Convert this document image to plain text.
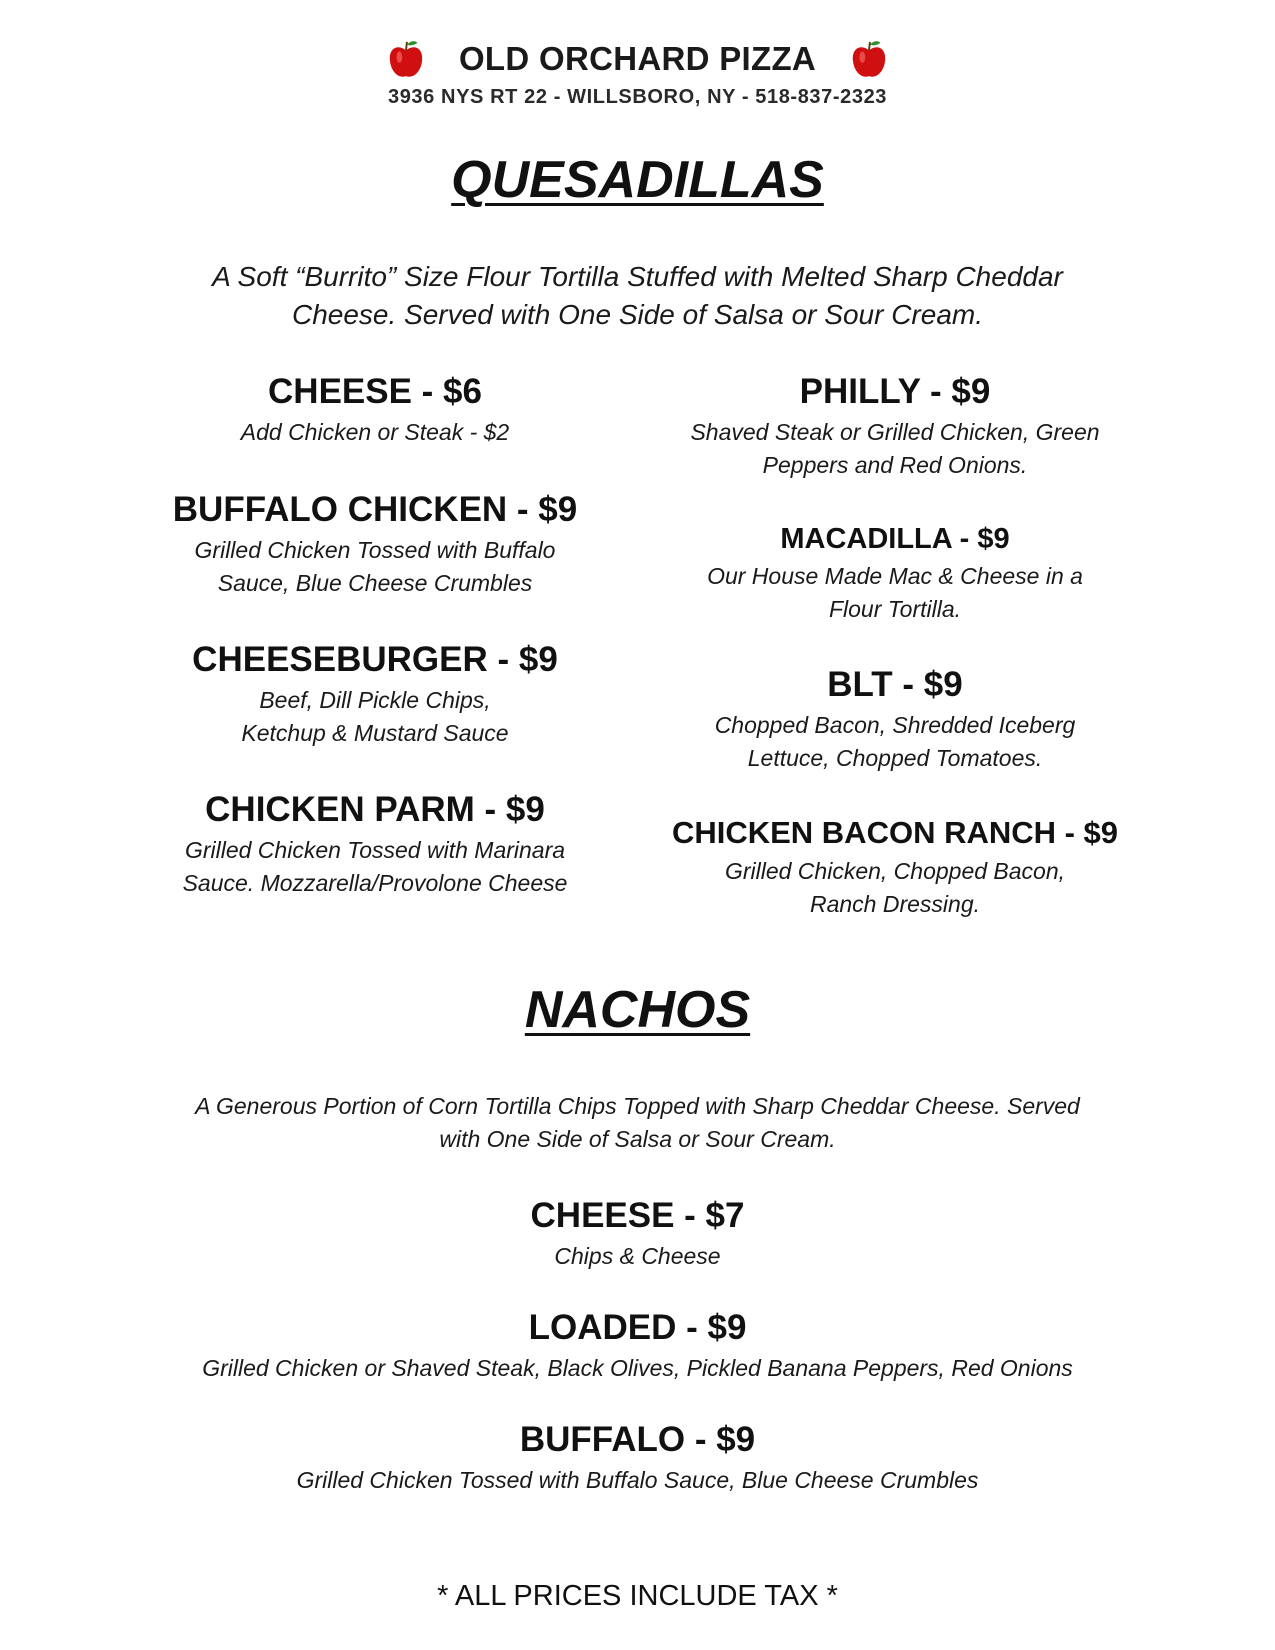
OLD ORCHARD PIZZA
3936 NYS RT 22 - WILLSBORO, NY - 518-837-2323
QUESADILLAS
A Soft “Burrito” Size Flour Tortilla Stuffed with Melted Sharp Cheddar
Cheese. Served with One Side of Salsa or Sour Cream.
CHEESE - $6
Add Chicken or Steak - $2
BUFFALO CHICKEN - $9
Grilled Chicken Tossed with Buffalo
Sauce, Blue Cheese Crumbles
CHEESEBURGER - $9
Beef, Dill Pickle Chips,
Ketchup & Mustard Sauce
CHICKEN PARM - $9
Grilled Chicken Tossed with Marinara
Sauce. Mozzarella/Provolone Cheese
PHILLY - $9
Shaved Steak or Grilled Chicken, Green
Peppers and Red Onions.
MACADILLA - $9
Our House Made Mac & Cheese in a
Flour Tortilla.
BLT - $9
Chopped Bacon, Shredded Iceberg
Lettuce, Chopped Tomatoes.
CHICKEN BACON RANCH - $9
Grilled Chicken, Chopped Bacon,
Ranch Dressing.
NACHOS
A Generous Portion of Corn Tortilla Chips Topped with Sharp Cheddar Cheese. Served
with One Side of Salsa or Sour Cream.
CHEESE - $7
Chips & Cheese
LOADED - $9
Grilled Chicken or Shaved Steak, Black Olives, Pickled Banana Peppers, Red Onions
BUFFALO - $9
Grilled Chicken Tossed with Buffalo Sauce, Blue Cheese Crumbles
* ALL PRICES INCLUDE TAX *
